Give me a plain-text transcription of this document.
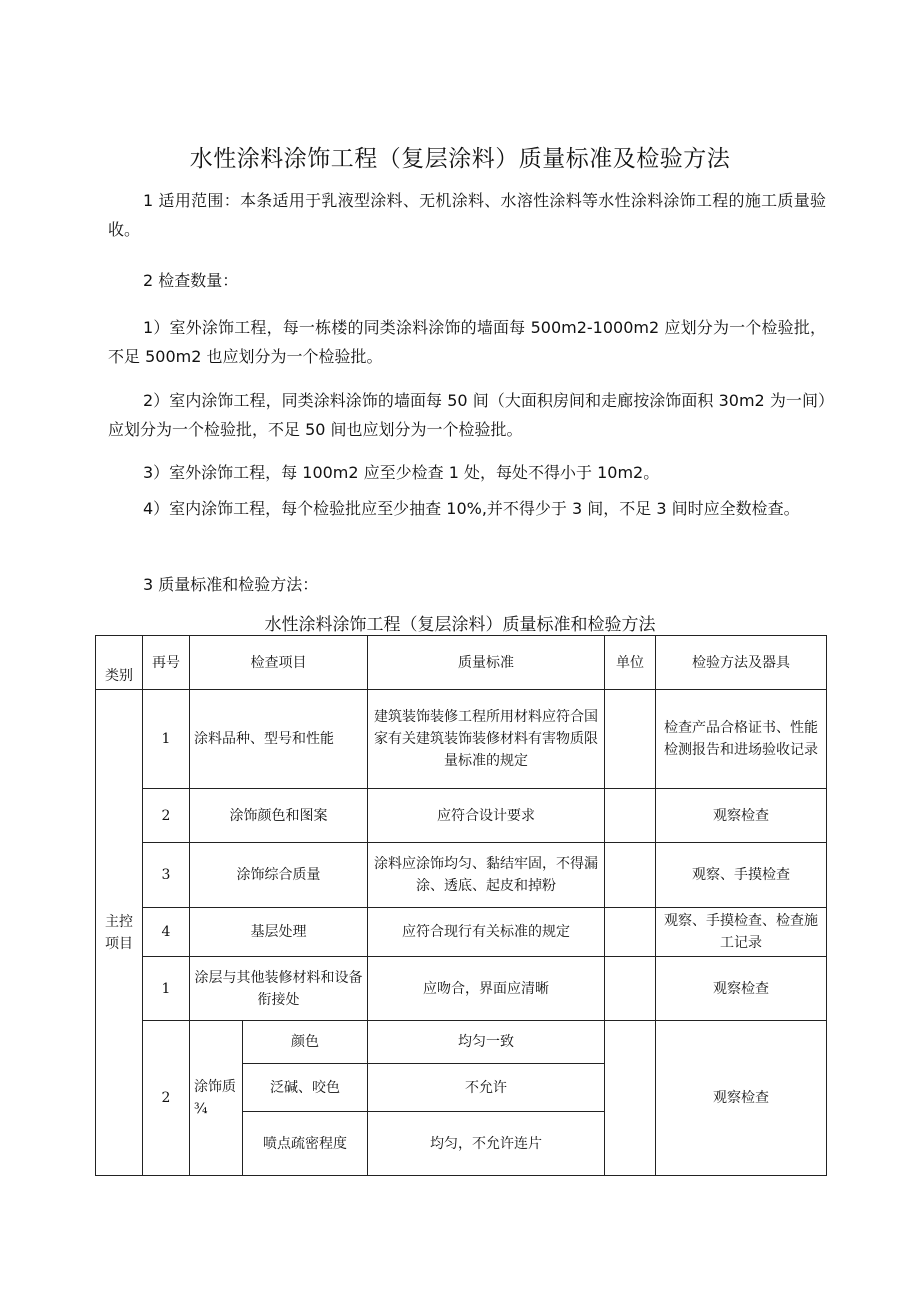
水性涂料涂饰工程（复层涂料）质量标准及检验方法
1 适用范围：本条适用于乳液型涂料、无机涂料、水溶性涂料等水性涂料涂饰工程的施工质量验收。
2 检查数量：
1）室外涂饰工程，每一栋楼的同类涂料涂饰的墙面每 500m2-1000m2 应划分为一个检验批，不足 500m2 也应划分为一个检验批。
2）室内涂饰工程，同类涂料涂饰的墙面每 50 间（大面积房间和走廊按涂饰面积 30m2 为一间）应划分为一个检验批，不足 50 间也应划分为一个检验批。
3）室外涂饰工程，每 100m2 应至少检查 1 处，每处不得小于 10m2。
4）室内涂饰工程，每个检验批应至少抽查 10%,并不得少于 3 间，不足 3 间时应全数检查。
3 质量标准和检验方法：
水性涂料涂饰工程（复层涂料）质量标准和检验方法
类别	再号	检查项目		质量标准	单位	检验方法及器具
主控项目	1	涂料品种、型号和性能		建筑装饰装修工程所用材料应符合国家有关建筑装饰装修材料有害物质限量标准的规定		检查产品合格证书、性能检测报告和进场验收记录
	2	涂饰颜色和图案		应符合设计要求		观察检查
	3	涂饰综合质量		涂料应涂饰均匀、黏结牢固，不得漏涂、透底、起皮和掉粉		观察、手摸检查
	4	基层处理		应符合现行有关标准的规定		观察、手摸检查、检查施工记录
	1	涂层与其他装修材料和设备衔接处		应吻合，界面应清晰		观察检查
	2	涂饰质¾	颜色	均匀一致		观察检查
			泛碱、咬色	不允许		
			喷点疏密程度	均匀，不允许连片		
